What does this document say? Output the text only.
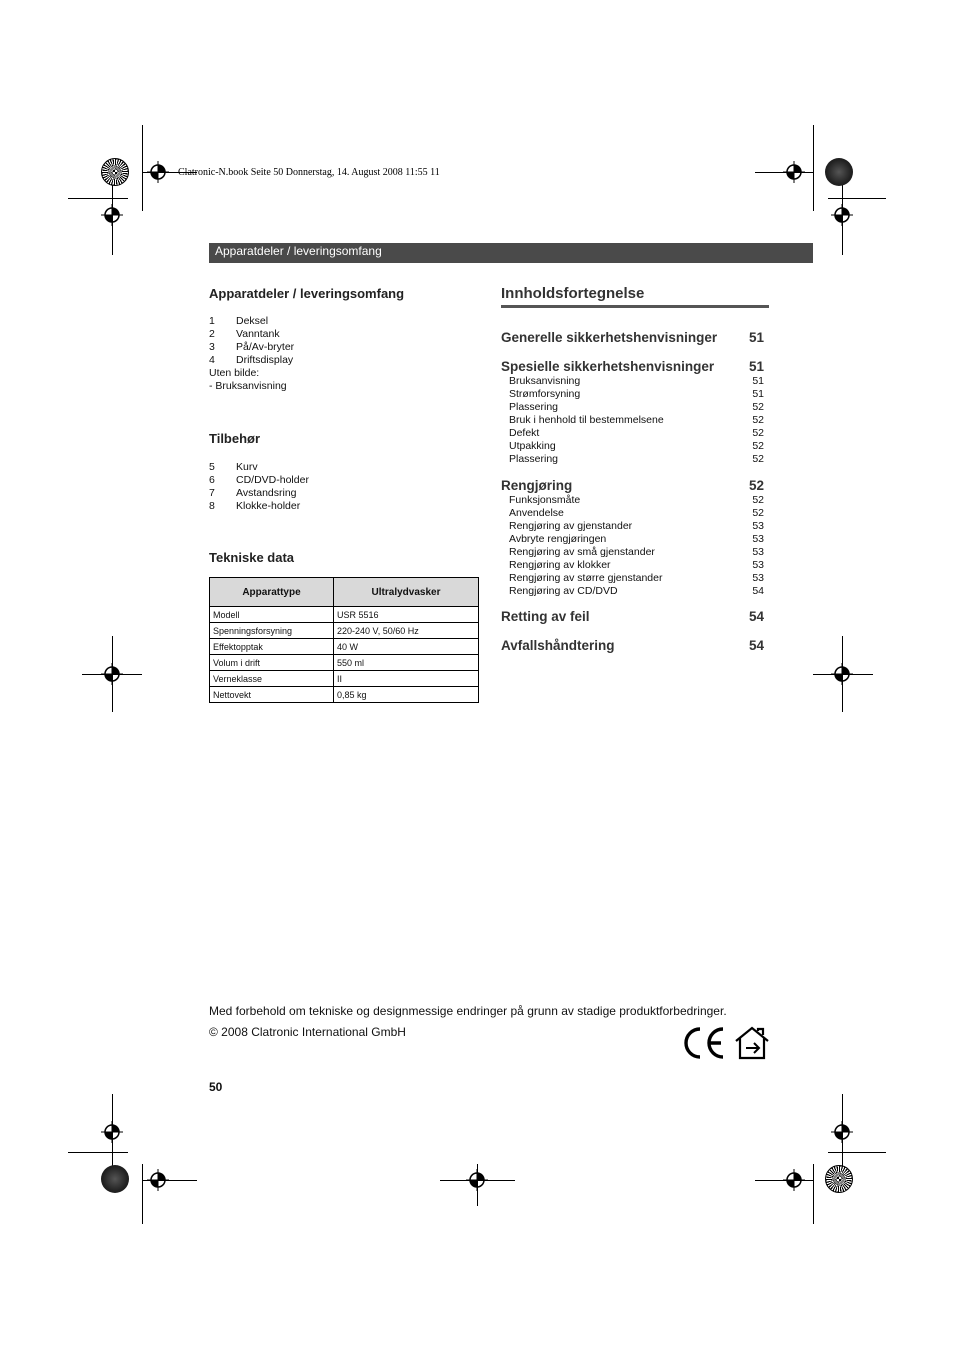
Clatronic-N.book Seite 50 Donnerstag, 14. August 2008 11:55 11
Apparatdeler / leveringsomfang
Apparatdeler / leveringsomfang
1	Deksel
2	Vanntank
3	På/Av-bryter
4	Driftsdisplay
Uten bilde:
- Bruksanvisning
Tilbehør
5	Kurv
6	CD/DVD-holder
7	Avstandsring
8	Klokke-holder
Tekniske data
Apparattype	Ultralydvasker
Modell	USR 5516
Spenningsforsyning	220-240 V, 50/60 Hz
Effektopptak	40 W
Volum i drift	550 ml
Verneklasse	II
Nettovekt	0,85 kg
Innholdsfortegnelse
Generelle sikkerhetshenvisninger 51
Spesielle sikkerhetshenvisninger	51
Bruksanvisning	51
Strømforsyning	51
Plassering	52
Bruk i henhold til bestemmelsene	52
Defekt	52
Utpakking	52
Plassering	52
Rengjøring	52
Funksjonsmåte	52
Anvendelse	52
Rengjøring av gjenstander	53
Avbryte rengjøringen	53
Rengjøring av små gjenstander	53
Rengjøring av klokker	53
Rengjøring av større gjenstander	53
Rengjøring av CD/DVD	54
Retting av feil	54
Avfallshåndtering	54
Med forbehold om tekniske og designmessige endringer på grunn av stadige produktforbedringer.
© 2008 Clatronic International GmbH
50
